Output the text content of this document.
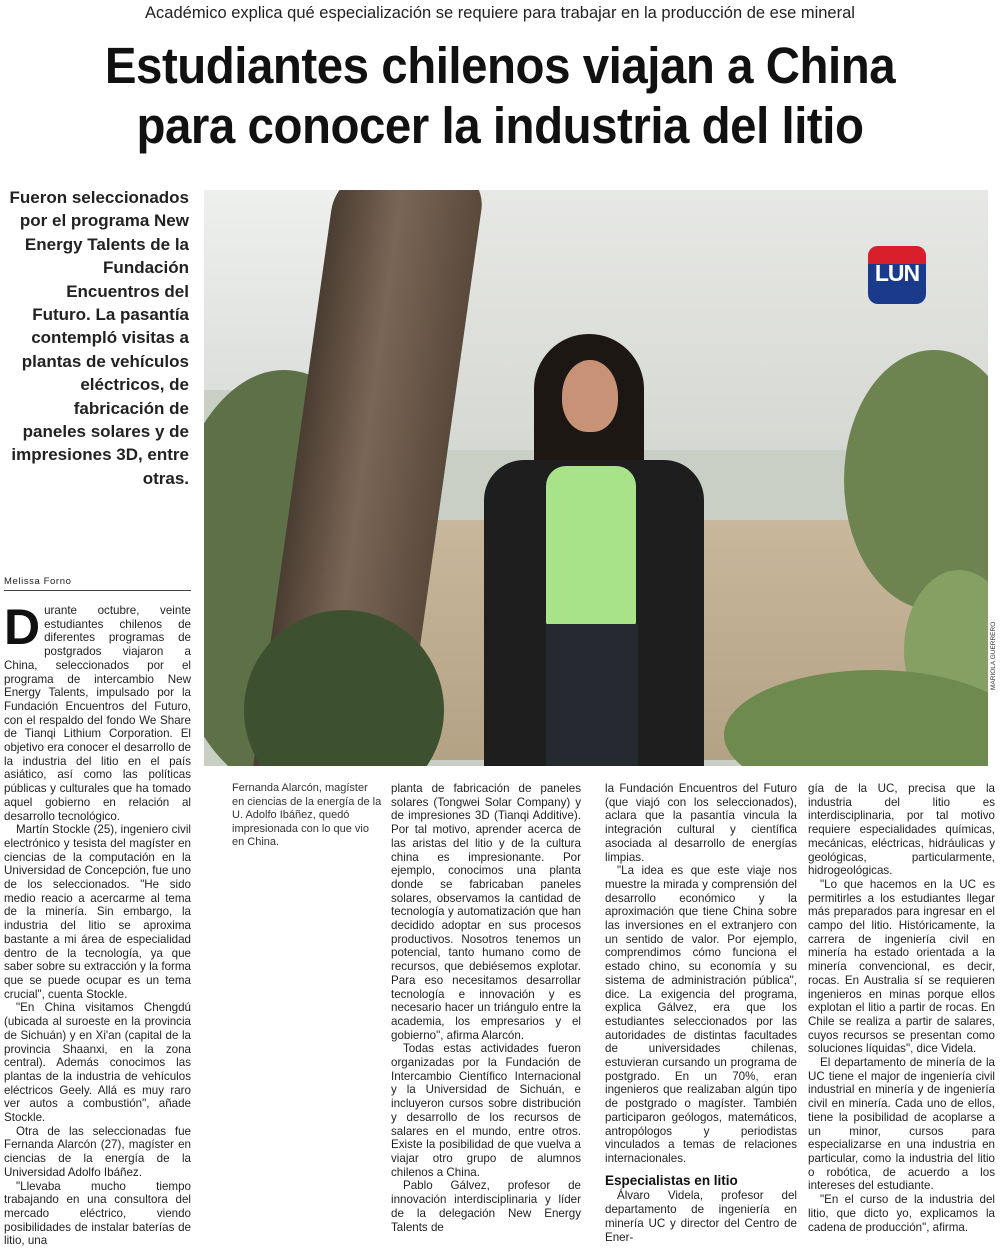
Académico explica qué especialización se requiere para trabajar en la producción de ese mineral
Estudiantes chilenos viajan a China
para conocer la industria del litio
Fueron seleccionados por el programa New Energy Talents de la Fundación Encuentros del Futuro. La pasantía contempló visitas a plantas de vehículos eléctricos, de fabricación de paneles solares y de impresiones 3D, entre otras.
Melissa Forno
LUN
MARIOLA GUERRERO
Fernanda Alarcón, magíster en ciencias de la energía de la U. Adolfo Ibáñez, quedó impresionada con lo que vio en China.

Durante octubre, veinte estudiantes chilenos de diferentes programas de postgrados viajaron a China, seleccionados por el programa de intercambio New Energy Talents, impulsado por la Fundación Encuentros del Futuro, con el respaldo del fondo We Share de Tianqi Lithium Corporation. El objetivo era conocer el desarrollo de la industria del litio en el país asiático, así como las políticas públicas y culturales que ha tomado aquel gobierno en relación al desarrollo tecnológico.

Martín Stockle (25), ingeniero civil electrónico y tesista del magíster en ciencias de la computación en la Universidad de Concepción, fue uno de los seleccionados. "He sido medio reacio a acercarme al tema de la minería. Sin embargo, la industria del litio se aproxima bastante a mi área de especialidad dentro de la tecnología, ya que saber sobre su extracción y la forma que se puede ocupar es un tema crucial", cuenta Stockle.

"En China visitamos Chengdú (ubicada al suroeste en la provincia de Sichuán) y en Xi'an (capital de la provincia Shaanxi, en la zona central). Además conocimos las plantas de la industria de vehículos eléctricos Geely. Allá es muy raro ver autos a combustión", añade Stockle.

Otra de las seleccionadas fue Fernanda Alarcón (27), magíster en ciencias de la energía de la Universidad Adolfo Ibáñez.

"Llevaba mucho tiempo trabajando en una consultora del mercado eléctrico, viendo posibilidades de instalar baterías de litio, una

planta de fabricación de paneles solares (Tongwei Solar Company) y de impresiones 3D (Tianqi Additive). Por tal motivo, aprender acerca de las aristas del litio y de la cultura china es impresionante. Por ejemplo, conocimos una planta donde se fabricaban paneles solares, observamos la cantidad de tecnología y automatización que han decidido adoptar en sus procesos productivos. Nosotros tenemos un potencial, tanto humano como de recursos, que debiésemos explotar. Para eso necesitamos desarrollar tecnología e innovación y es necesario hacer un triángulo entre la academia, los empresarios y el gobierno", afirma Alarcón.

Todas estas actividades fueron organizadas por la Fundación de Intercambio Científico Internacional y la Universidad de Sichuán, e incluyeron cursos sobre distribución y desarrollo de los recursos de salares en el mundo, entre otros. Existe la posibilidad de que vuelva a viajar otro grupo de alumnos chilenos a China.

Pablo Gálvez, profesor de innovación interdisciplinaria y líder de la delegación New Energy Talents de

la Fundación Encuentros del Futuro (que viajó con los seleccionados), aclara que la pasantía vincula la integración cultural y científica asociada al desarrollo de energías limpias.

"La idea es que este viaje nos muestre la mirada y comprensión del desarrollo económico y la aproximación que tiene China sobre las inversiones en el extranjero con un sentido de valor. Por ejemplo, comprendimos cómo funciona el estado chino, su economía y su sistema de administración pública", dice. La exigencia del programa, explica Gálvez, era que los estudiantes seleccionados por las autoridades de distintas facultades de universidades chilenas, estuvieran cursando un programa de postgrado. En un 70%, eran ingenieros que realizaban algún tipo de postgrado o magíster. También participaron geólogos, matemáticos, antropólogos y periodistas vinculados a temas de relaciones internacionales.

Especialistas en litio

Álvaro Videla, profesor del departamento de ingeniería en minería UC y director del Centro de Ener-

gía de la UC, precisa que la industria del litio es interdisciplinaria, por tal motivo requiere especialidades químicas, mecánicas, eléctricas, hidráulicas y geológicas, particularmente, hidrogeológicas.

"Lo que hacemos en la UC es permitirles a los estudiantes llegar más preparados para ingresar en el campo del litio. Históricamente, la carrera de ingeniería civil en minería ha estado orientada a la minería convencional, es decir, rocas. En Australia sí se requieren ingenieros en minas porque ellos explotan el litio a partir de rocas. En Chile se realiza a partir de salares, cuyos recursos se presentan como soluciones líquidas", dice Videla.

El departamento de minería de la UC tiene el major de ingeniería civil industrial en minería y de ingeniería civil en minería. Cada uno de ellos, tiene la posibilidad de acoplarse a un minor, cursos para especializarse en una industria en particular, como la industria del litio o robótica, de acuerdo a los intereses del estudiante.

"En el curso de la industria del litio, que dicto yo, explicamos la cadena de producción", afirma.
